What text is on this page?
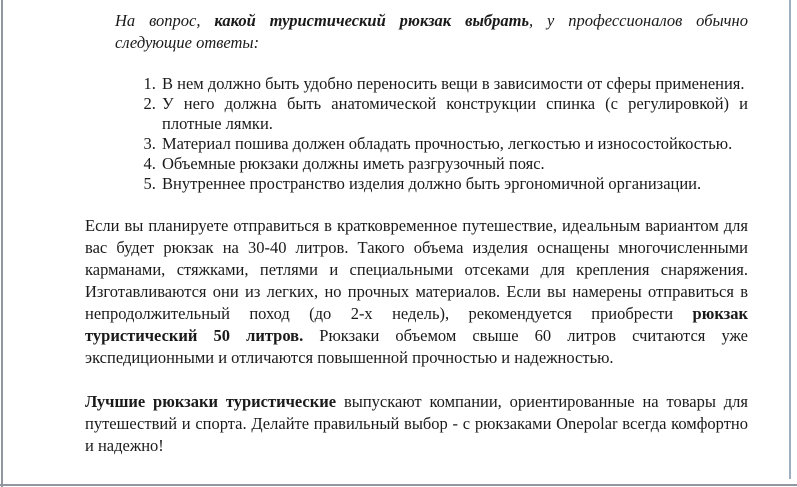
На вопрос, какой туристический рюкзак выбрать, у профессионалов обычно следующие ответы:

1. В нем должно быть удобно переносить вещи в зависимости от сферы применения.
2. У него должна быть анатомической конструкции спинка (с регулировкой) и плотные лямки.
3. Материал пошива должен обладать прочностью, легкостью и износостойкостью.
4. Объемные рюкзаки должны иметь разгрузочный пояс.
5. Внутреннее пространство изделия должно быть эргономичной организации.

Если вы планируете отправиться в кратковременное путешествие, идеальным вариантом для вас будет рюкзак на 30-40 литров. Такого объема изделия оснащены многочисленными карманами, стяжками, петлями и специальными отсеками для крепления снаряжения. Изготавливаются они из легких, но прочных материалов. Если вы намерены отправиться в непродолжительный поход (до 2-х недель), рекомендуется приобрести рюкзак туристический 50 литров. Рюкзаки объемом свыше 60 литров считаются уже экспедиционными и отличаются повышенной прочностью и надежностью.

Лучшие рюкзаки туристические выпускают компании, ориентированные на товары для путешествий и спорта. Делайте правильный выбор - с рюкзаками Onepolar всегда комфортно и надежно!
